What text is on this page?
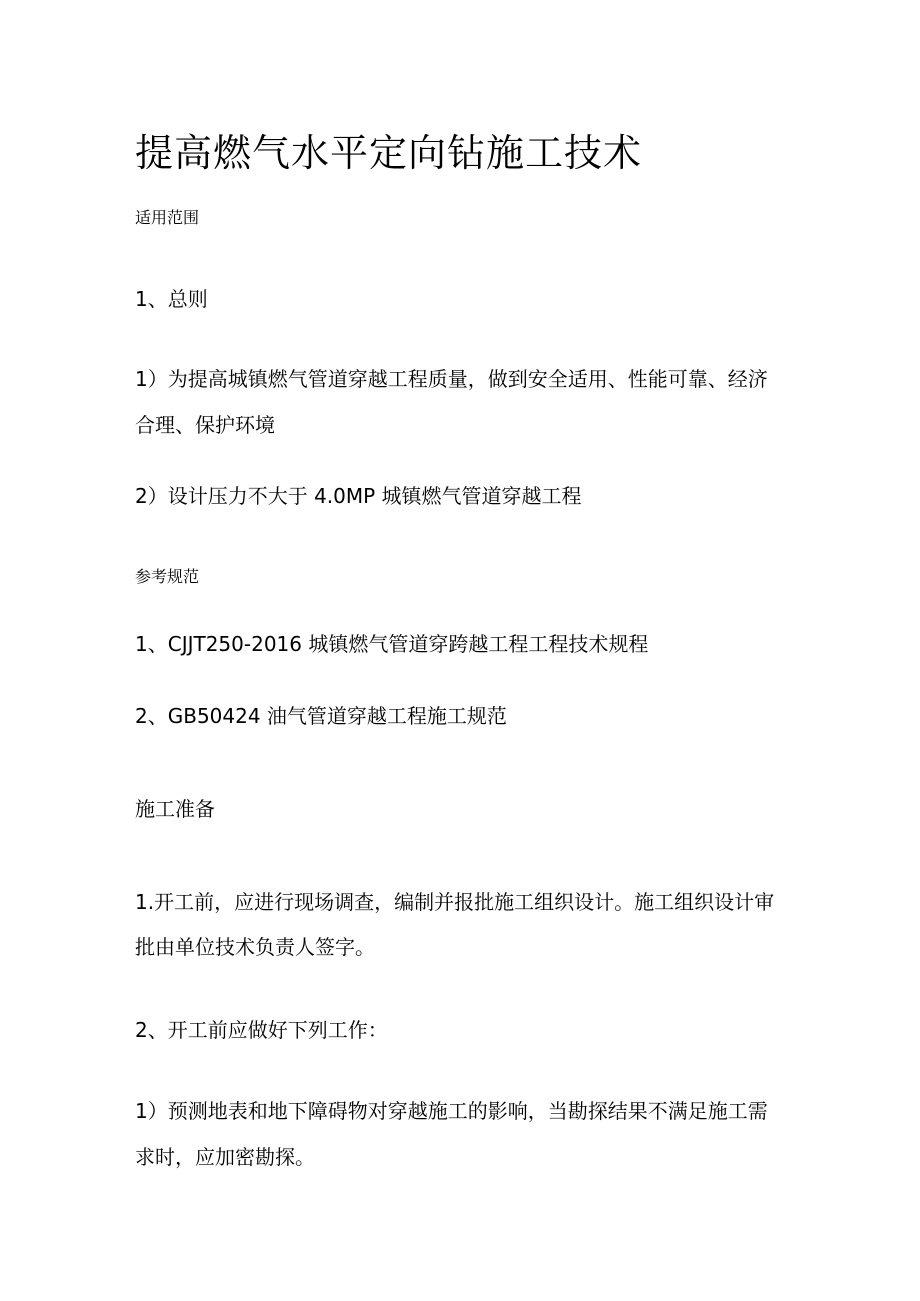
提高燃气水平定向钻施工技术

适用范围

1、总则

1）为提高城镇燃气管道穿越工程质量，做到安全适用、性能可靠、经济

合理、保护环境

2）设计压力不大于 4.0MP 城镇燃气管道穿越工程

参考规范

1、CJJT250-2016 城镇燃气管道穿跨越工程工程技术规程

2、GB50424 油气管道穿越工程施工规范

施工准备

1.开工前，应进行现场调查，编制并报批施工组织设计。施工组织设计审

批由单位技术负责人签字。

2、开工前应做好下列工作：

1）预测地表和地下障碍物对穿越施工的影响，当勘探结果不满足施工需

求时，应加密勘探。
